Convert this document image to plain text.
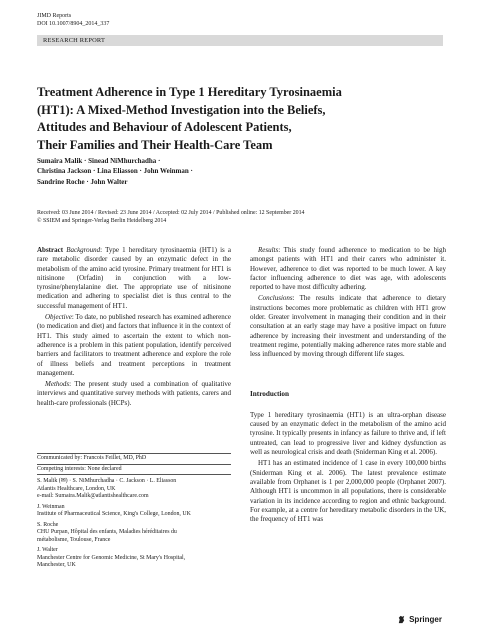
JIMD Reports
DOI 10.1007/8904_2014_337
RESEARCH REPORT
Treatment Adherence in Type 1 Hereditary Tyrosinaemia
(HT1): A Mixed-Method Investigation into the Beliefs,
Attitudes and Behaviour of Adolescent Patients,
Their Families and Their Health-Care Team
Sumaira Malik · Sinead NiMhurchadha ·
Christina Jackson · Lina Eliasson · John Weinman ·
Sandrine Roche · John Walter
Received: 03 June 2014 / Revised: 23 June 2014 / Accepted: 02 July 2014 / Published online: 12 September 2014
© SSIEM and Springer-Verlag Berlin Heidelberg 2014

Abstract Background: Type 1 hereditary tyrosinaemia (HT1) is a rare metabolic disorder caused by an enzymatic defect in the metabolism of the amino acid tyrosine. Primary treatment for HT1 is nitisinone (Orfadin) in conjunction with a low-tyrosine/phenylalanine diet. The appropriate use of nitisinone medication and adhering to specialist diet is thus central to the successful management of HT1.

Objective: To date, no published research has examined adherence (to medication and diet) and factors that influence it in the context of HT1. This study aimed to ascertain the extent to which non-adherence is a problem in this patient population, identify perceived barriers and facilitators to treatment adherence and explore the role of illness beliefs and treatment perceptions in treatment management.

Methods: The present study used a combination of qualitative interviews and quantitative survey methods with patients, carers and health-care professionals (HCPs).

Communicated by: Francois Feillet, MD, PhD
Competing interests: None declared
S. Malik (✉) · S. NiMhurchadha · C. Jackson · L. Eliasson
Atlantis Healthcare, London, UK
e-mail: Sumaira.Malik@atlantishealthcare.com
J. Weinman
Institute of Pharmaceutical Science, King's College, London, UK
S. Roche
CHU Purpan, Hôpital des enfants, Maladies héréditaires du
métabolisme, Toulouse, France
J. Walter
Manchester Centre for Genomic Medicine, St Mary's Hospital,
Manchester, UK

Results: This study found adherence to medication to be high amongst patients with HT1 and their carers who administer it. However, adherence to diet was reported to be much lower. A key factor influencing adherence to diet was age, with adolescents reported to have most difficulty adhering.

Conclusions: The results indicate that adherence to dietary instructions becomes more problematic as children with HT1 grow older. Greater involvement in managing their condition and in their consultation at an early stage may have a positive impact on future adherence by increasing their investment and understanding of the treatment regime, potentially making adherence rates more stable and less influenced by moving through different life stages.

Introduction

Type 1 hereditary tyrosinaemia (HT1) is an ultra-orphan disease caused by an enzymatic defect in the metabolism of the amino acid tyrosine. It typically presents in infancy as failure to thrive and, if left untreated, can lead to progressive liver and kidney dysfunction as well as neurological crisis and death (Sniderman King et al. 2006).

HT1 has an estimated incidence of 1 case in every 100,000 births (Sniderman King et al. 2006). The latest prevalence estimate available from Orphanet is 1 per 2,000,000 people (Orphanet 2007). Although HT1 is uncommon in all populations, there is considerable variation in its incidence according to region and ethnic background. For example, at a centre for hereditary metabolic disorders in the UK, the frequency of HT1 was

Springer
